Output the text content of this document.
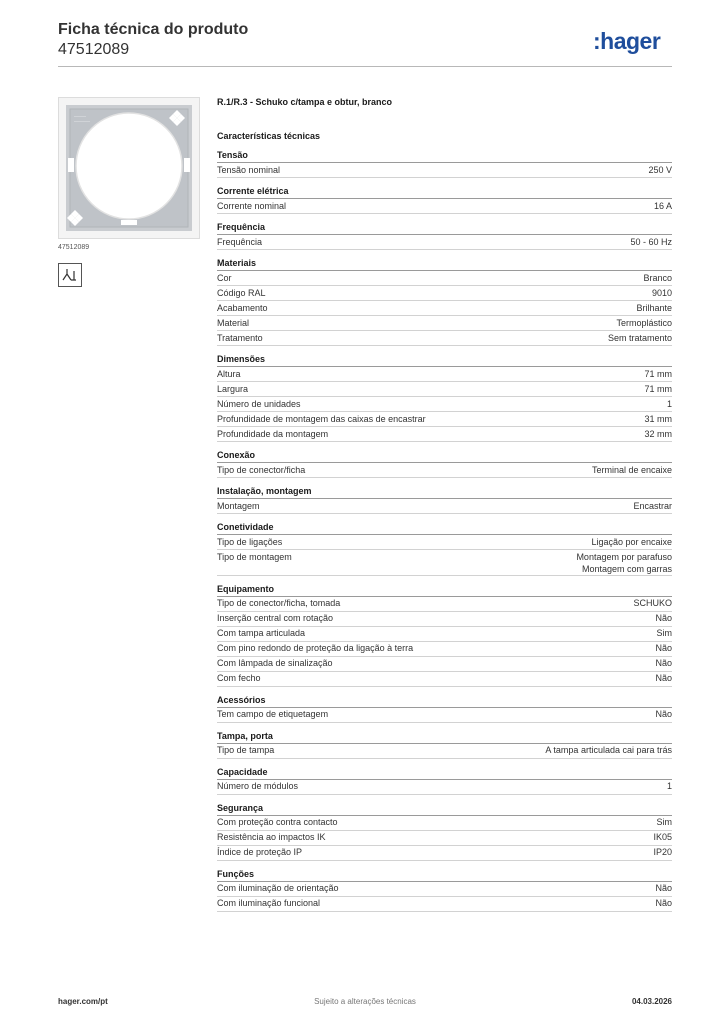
Ficha técnica do produto
47512089	:hager
———
————
47512089
R.1/R.3 - Schuko c/tampa e obtur, branco
Características técnicas
Tensão
Tensão nominal	250 V
Corrente elétrica
Corrente nominal	16 A
Frequência
Frequência	50 - 60 Hz
Materiais
Cor	Branco
Código RAL	9010
Acabamento	Brilhante
Material	Termoplástico
Tratamento	Sem tratamento
Dimensões
Altura	71 mm
Largura	71 mm
Número de unidades	1
Profundidade de montagem das caixas de encastrar	31 mm
Profundidade da montagem	32 mm
Conexão
Tipo de conector/ficha	Terminal de encaixe
Instalação, montagem
Montagem	Encastrar
Conetividade
Tipo de ligações	Ligação por encaixe
Tipo de montagem	Montagem por parafuso
Montagem com garras
Equipamento
Tipo de conector/ficha, tomada	SCHUKO
Inserção central com rotação	Não
Com tampa articulada	Sim
Com pino redondo de proteção da ligação à terra	Não
Com lâmpada de sinalização	Não
Com fecho	Não
Acessórios
Tem campo de etiquetagem	Não
Tampa, porta
Tipo de tampa	A tampa articulada cai para trás
Capacidade
Número de módulos	1
Segurança
Com proteção contra contacto	Sim
Resistência ao impactos IK	IK05
Índice de proteção IP	IP20
Funções
Com iluminação de orientação	Não
Com iluminação funcional	Não
hager.com/pt	Sujeito a alterações técnicas	04.03.2026
